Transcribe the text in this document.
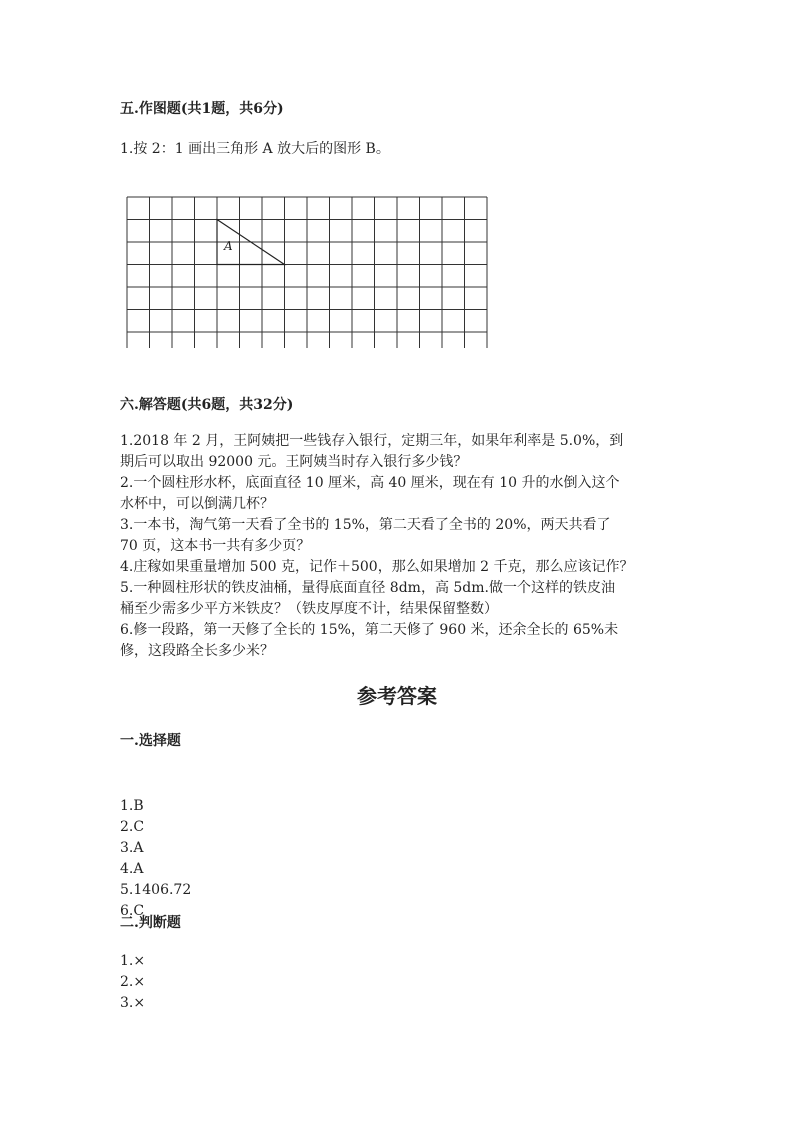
五.作图题(共1题，共6分)
1.按 2：1 画出三角形 A 放大后的图形 B。
A
六.解答题(共6题，共32分)
1.2018 年 2 月，王阿姨把一些钱存入银行，定期三年，如果年利率是 5.0%，到
期后可以取出 92000 元。王阿姨当时存入银行多少钱？
2.一个圆柱形水杯，底面直径 10 厘米，高 40 厘米，现在有 10 升的水倒入这个
水杯中，可以倒满几杯？
3.一本书，淘气第一天看了全书的 15%，第二天看了全书的 20%，两天共看了
70 页，这本书一共有多少页？
4.庄稼如果重量增加 500 克，记作＋500，那么如果增加 2 千克，那么应该记作？
5.一种圆柱形状的铁皮油桶，量得底面直径 8dm，高 5dm.做一个这样的铁皮油
桶至少需多少平方米铁皮？（铁皮厚度不计，结果保留整数）
6.修一段路，第一天修了全长的 15%，第二天修了 960 米，还余全长的 65%未
修，这段路全长多少米？
参考答案
一.选择题
1.B
2.C
3.A
4.A
5.1406.72
6.C
二.判断题
1.×
2.×
3.×
